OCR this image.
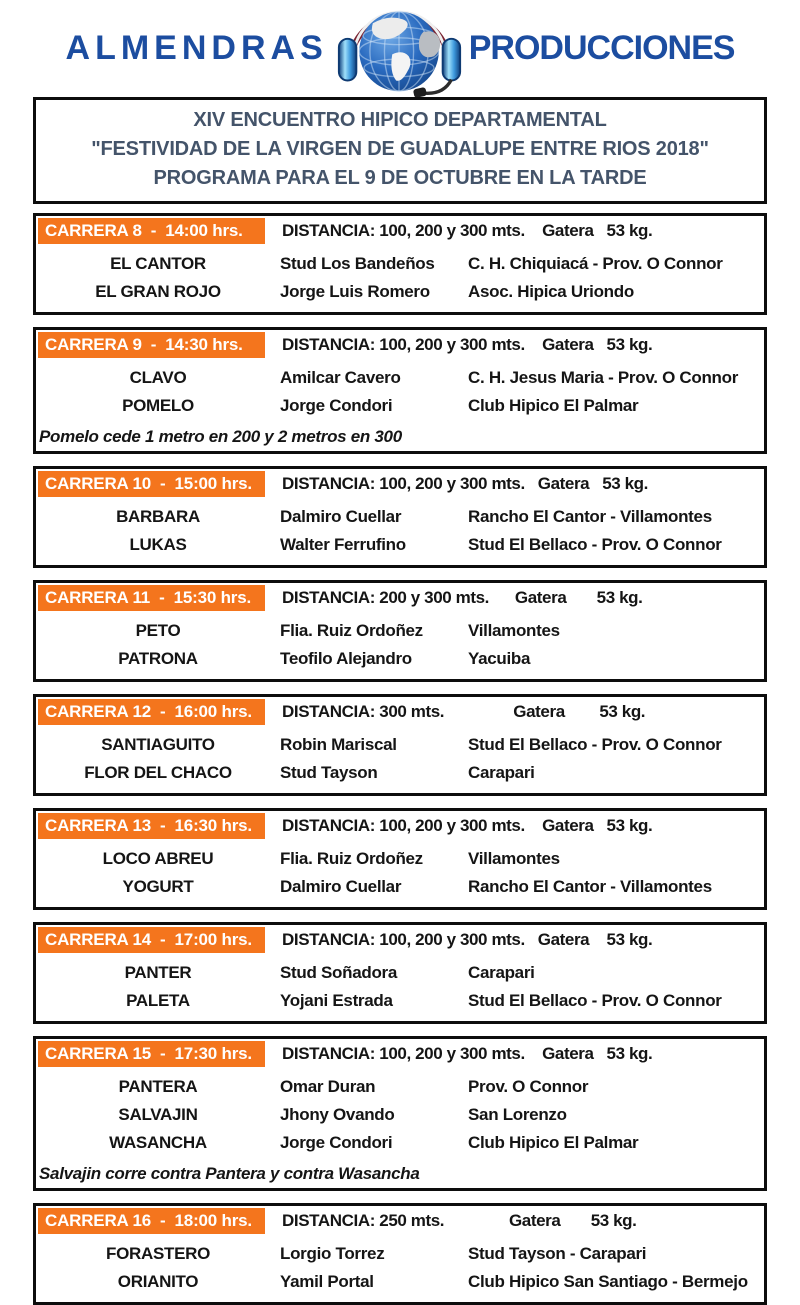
ALMENDRAS	PRODUCCIONES
XIV ENCUENTRO HIPICO DEPARTAMENTAL
"FESTIVIDAD DE LA VIRGEN DE GUADALUPE ENTRE RIOS 2018"
PROGRAMA PARA EL 9 DE OCTUBRE EN LA TARDE
CARRERA 8  -  14:00 hrs.	DISTANCIA: 100, 200 y 300 mts.    Gatera   53 kg.
EL CANTOR	Stud Los Bandeños	C. H. Chiquiacá - Prov. O Connor
EL GRAN ROJO	Jorge Luis Romero	Asoc. Hipica Uriondo
CARRERA 9  -  14:30 hrs.	DISTANCIA: 100, 200 y 300 mts.    Gatera   53 kg.
CLAVO	Amilcar Cavero	C. H. Jesus Maria - Prov. O Connor
POMELO	Jorge Condori	Club Hipico El Palmar
Pomelo cede 1 metro en 200 y 2 metros en 300
CARRERA 10  -  15:00 hrs.	DISTANCIA: 100, 200 y 300 mts.   Gatera   53 kg.
BARBARA	Dalmiro Cuellar	Rancho El Cantor - Villamontes
LUKAS	Walter Ferrufino	Stud El Bellaco - Prov. O Connor
CARRERA 11  -  15:30 hrs.	DISTANCIA: 200 y 300 mts.      Gatera       53 kg.
PETO	Flia. Ruiz Ordoñez	Villamontes
PATRONA	Teofilo Alejandro	Yacuiba
CARRERA 12  -  16:00 hrs.	DISTANCIA: 300 mts.                Gatera        53 kg.
SANTIAGUITO	Robin Mariscal	Stud El Bellaco - Prov. O Connor
FLOR DEL CHACO	Stud Tayson	Carapari
CARRERA 13  -  16:30 hrs.	DISTANCIA: 100, 200 y 300 mts.    Gatera   53 kg.
LOCO ABREU	Flia. Ruiz Ordoñez	Villamontes
YOGURT	Dalmiro Cuellar	Rancho El Cantor - Villamontes
CARRERA 14  -  17:00 hrs.	DISTANCIA: 100, 200 y 300 mts.   Gatera    53 kg.
PANTER	Stud Soñadora	Carapari
PALETA	Yojani Estrada	Stud El Bellaco - Prov. O Connor
CARRERA 15  -  17:30 hrs.	DISTANCIA: 100, 200 y 300 mts.    Gatera   53 kg.
PANTERA	Omar Duran	Prov. O Connor
SALVAJIN	Jhony Ovando	San Lorenzo
WASANCHA	Jorge Condori	Club Hipico El Palmar
Salvajin corre contra Pantera y contra Wasancha
CARRERA 16  -  18:00 hrs.	DISTANCIA: 250 mts.               Gatera       53 kg.
FORASTERO	Lorgio Torrez	Stud Tayson - Carapari
ORIANITO	Yamil Portal	Club Hipico San Santiago - Bermejo
